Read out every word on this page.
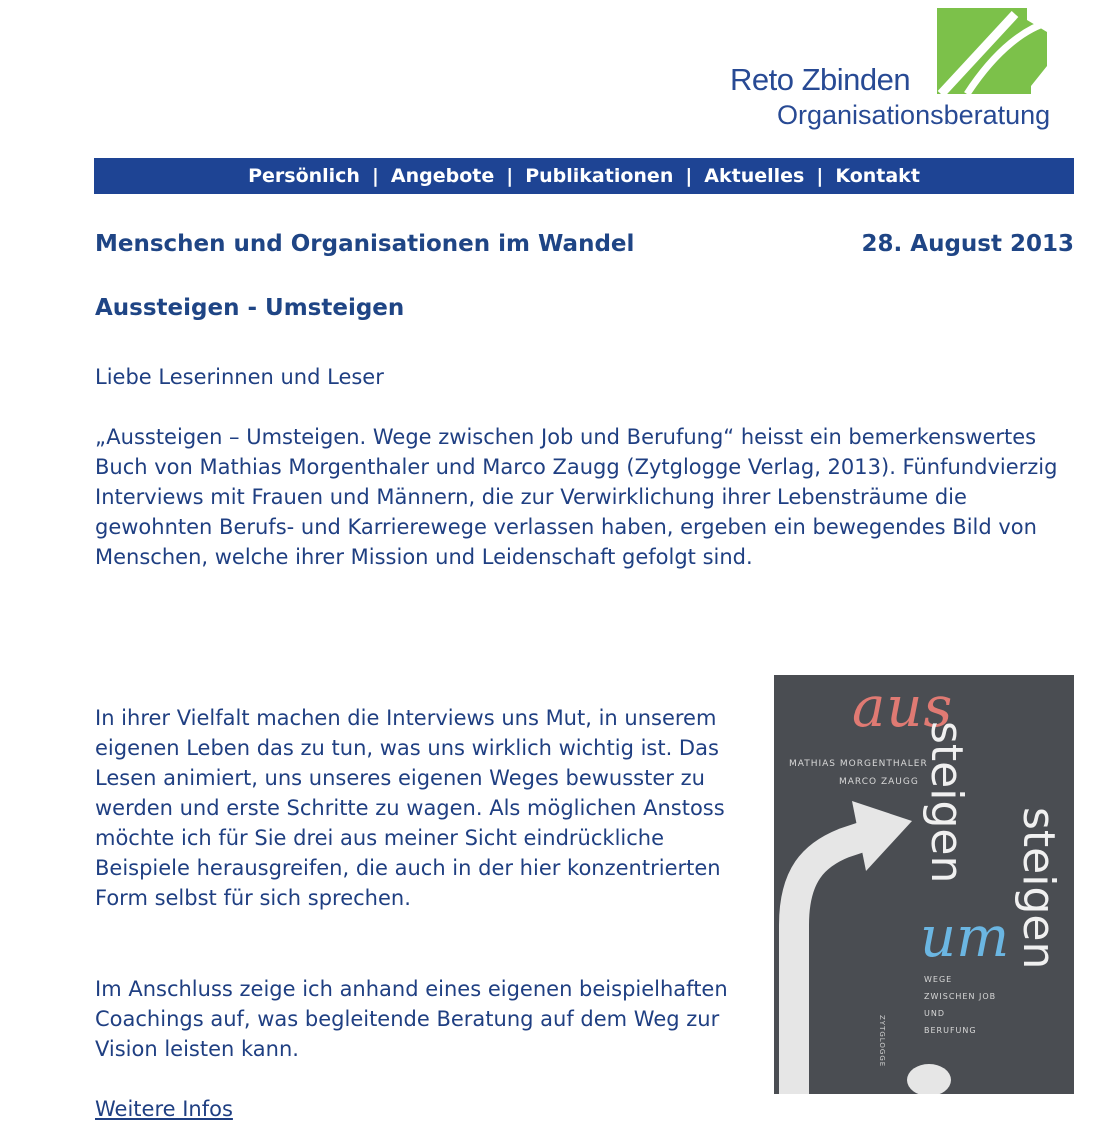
Reto Zbinden
Organisationsberatung
Persönlich | Angebote | Publikationen | Aktuelles | Kontakt
Menschen und Organisationen im Wandel	28. August 2013
Aussteigen - Umsteigen
Liebe Leserinnen und Leser
„Aussteigen – Umsteigen. Wege zwischen Job und Berufung“ heisst ein bemerkenswertes Buch von Mathias Morgenthaler und Marco Zaugg (Zytglogge Verlag, 2013). Fünfundvierzig Interviews mit Frauen und Männern, die zur Verwirklichung ihrer Lebensträume die gewohnten Berufs- und Karrierewege verlassen haben, ergeben ein bewegendes Bild von Menschen, welche ihrer Mission und Leidenschaft gefolgt sind.
In ihrer Vielfalt machen die Interviews uns Mut, in unserem eigenen Leben das zu tun, was uns wirklich wichtig ist. Das Lesen animiert, uns unseres eigenen Weges bewusster zu werden und erste Schritte zu wagen. Als möglichen Anstoss möchte ich für Sie drei aus meiner Sicht eindrückliche Beispiele herausgreifen, die auch in der hier konzentrierten Form selbst für sich sprechen.
Im Anschluss zeige ich anhand eines eigenen beispielhaften Coachings auf, was begleitende Beratung auf dem Weg zur Vision leisten kann.
Weitere Infos
aus
MATHIAS MORGENTHALER
MARCO ZAUGG steigen
steigen
um
WEGE
ZWISCHEN JOB
UND
BERUFUNG
ZYTGLOGGE
